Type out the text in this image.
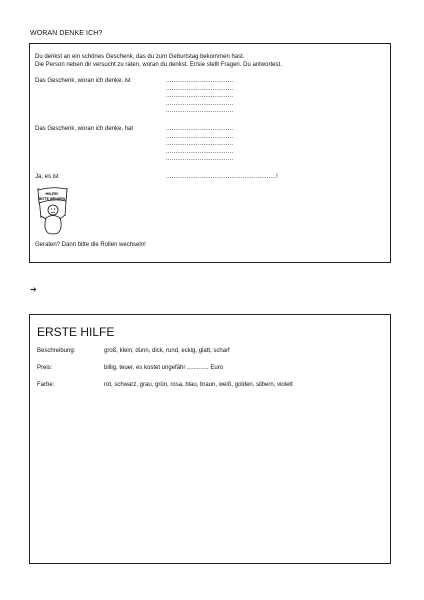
WORAN DENKE ICH?
Du denkst an ein schönes Geschenk, das du zum Geburtstag bekommen hast.
Die Person neben dir versucht zu raten, woran du denkst. Er/sie stellt Fragen. Du antwortest.
Das Geschenk, woran ich denke, ist	....................................
....................................
....................................
....................................
....................................
Das Geschenk, woran ich denke, hat	....................................
....................................
....................................
....................................
....................................
Ja, es ist	...........................................................!
HILFE!
BITTE WENDEN
Geraten? Dann bitte die Rollen wechseln!
➔
ERSTE HILFE
Beschreibung:	groß, klein, dünn, dick, rund, eckig, glatt, scharf
Preis:	billig, teuer, es kostet ungefähr ............. Euro
Farbe:	rot, schwarz, grau, grün, rosa, blau, braun, weiß, golden, silbern, violett
